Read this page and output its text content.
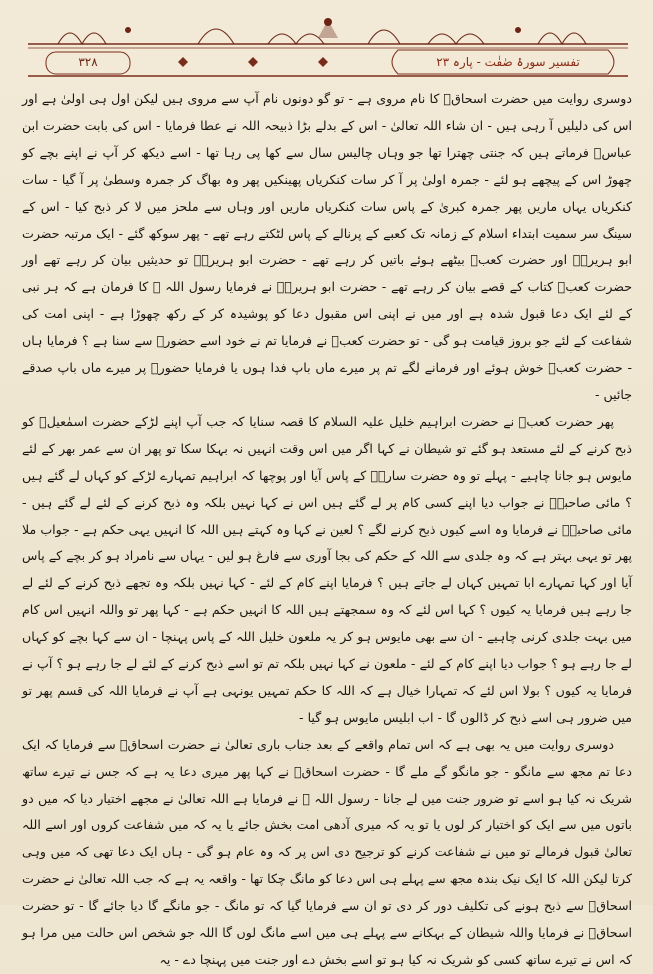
۳۲۸	تفسیر سورۂ صٰفٰت - پارہ ۲۳

دوسری روایت میں حضرت اسحاقؑ کا نام مروی ہے - تو گو دونوں نام آپ سے مروی ہیں لیکن اول ہی اولیٰ ہے اور اس کی دلیلیں آ رہی ہیں - ان شاء اللہ تعالیٰ - اس کے بدلے بڑا ذبیحہ اللہ نے عطا فرمایا - اس کی بابت حضرت ابن عباسؓ فرماتے ہیں کہ جنتی چھترا تھا جو وہاں چالیس سال سے کھا پی رہا تھا - اسے دیکھ کر آپ نے اپنے بچے کو چھوڑ اس کے پیچھے ہو لئے - جمرہ اولیٰ پر آ کر سات کنکریاں پھینکیں پھر وہ بھاگ کر جمرہ وسطیٰ پر آ گیا - سات کنکریاں یہاں ماریں پھر جمرہ کبریٰ کے پاس سات کنکریاں ماریں اور وہاں سے ملحز میں لا کر ذبح کیا - اس کے سینگ سر سمیت ابتداء اسلام کے زمانہ تک کعبے کے پرنالے کے پاس لٹکتے رہے تھے - پھر سوکھ گئے - ایک مرتبہ حضرت ابو ہریرہؓ اور حضرت کعبؓ بیٹھے ہوئے باتیں کر رہے تھے - حضرت ابو ہریرہؓ تو حدیثیں بیان کر رہے تھے اور حضرت کعبؓ کتاب کے قصے بیان کر رہے تھے - حضرت ابو ہریرہؓ نے فرمایا رسول اللہ ﷺ کا فرمان ہے کہ ہر نبی کے لئے ایک دعا قبول شدہ ہے اور میں نے اپنی اس مقبول دعا کو پوشیدہ کر کے رکھ چھوڑا ہے - اپنی امت کی شفاعت کے لئے جو بروز قیامت ہو گی - تو حضرت کعبؓ نے فرمایا تم نے خود اسے حضورؐ سے سنا ہے ؟ فرمایا ہاں - حضرت کعبؓ خوش ہوئے اور فرمانے لگے تم پر میرے ماں باپ فدا ہوں یا فرمایا حضورؐ پر میرے ماں باپ صدقے جائیں -

پھر حضرت کعبؓ نے حضرت ابراہیم خلیل علیہ السلام کا قصہ سنایا کہ جب آپ اپنے لڑکے حضرت اسمٰعیلؑ کو ذبح کرنے کے لئے مستعد ہو گئے تو شیطان نے کہا اگر میں اس وقت انہیں نہ بہکا سکا تو پھر ان سے عمر بھر کے لئے مایوس ہو جانا چاہیے - پہلے تو وہ حضرت سارہؓ کے پاس آیا اور پوچھا کہ ابراہیم تمہارے لڑکے کو کہاں لے گئے ہیں ؟ مائی صاحبہؓ نے جواب دیا اپنے کسی کام پر لے گئے ہیں اس نے کہا نہیں بلکہ وہ ذبح کرنے کے لئے لے گئے ہیں - مائی صاحبہؓ نے فرمایا وہ اسے کیوں ذبح کرنے لگے ؟ لعین نے کہا وہ کہتے ہیں اللہ کا انہیں یہی حکم ہے - جواب ملا پھر تو یہی بہتر ہے کہ وہ جلدی سے اللہ کے حکم کی بجا آوری سے فارغ ہو لیں - یہاں سے نامراد ہو کر بچے کے پاس آیا اور کہا تمہارے ابا تمہیں کہاں لے جاتے ہیں ؟ فرمایا اپنے کام کے لئے - کہا نہیں بلکہ وہ تجھے ذبح کرنے کے لئے لے جا رہے ہیں فرمایا یہ کیوں ؟ کہا اس لئے کہ وہ سمجھتے ہیں اللہ کا انہیں حکم ہے - کہا پھر تو واللہ انہیں اس کام میں بہت جلدی کرنی چاہیے - ان سے بھی مایوس ہو کر یہ ملعون خلیل اللہ کے پاس پہنچا - ان سے کہا بچے کو کہاں لے جا رہے ہو ؟ جواب دیا اپنے کام کے لئے - ملعون نے کہا نہیں بلکہ تم تو اسے ذبح کرنے کے لئے لے جا رہے ہو ؟ آپ نے فرمایا یہ کیوں ؟ بولا اس لئے کہ تمہارا خیال ہے کہ اللہ کا حکم تمہیں یونہی ہے آپ نے فرمایا اللہ کی قسم پھر تو میں ضرور ہی اسے ذبح کر ڈالوں گا - اب ابلیس مایوس ہو گیا -

دوسری روایت میں یہ بھی ہے کہ اس تمام واقعے کے بعد جناب باری تعالیٰ نے حضرت اسحاقؑ سے فرمایا کہ ایک دعا تم مجھ سے مانگو - جو مانگو گے ملے گا - حضرت اسحاقؑ نے کہا پھر میری دعا یہ ہے کہ جس نے تیرے ساتھ شریک نہ کیا ہو اسے تو ضرور جنت میں لے جانا - رسول اللہ ﷺ نے فرمایا ہے اللہ تعالیٰ نے مجھے اختیار دیا کہ میں دو باتوں میں سے ایک کو اختیار کر لوں یا تو یہ کہ میری آدھی امت بخش جائے یا یہ کہ میں شفاعت کروں اور اسے اللہ تعالیٰ قبول فرمالے تو میں نے شفاعت کرنے کو ترجیح دی اس پر کہ وہ عام ہو گی - ہاں ایک دعا تھی کہ میں وہی کرتا لیکن اللہ کا ایک نیک بندہ مجھ سے پہلے ہی اس دعا کو مانگ چکا تھا - واقعہ یہ ہے کہ جب اللہ تعالیٰ نے حضرت اسحاقؑ سے ذبح ہونے کی تکلیف دور کر دی تو ان سے فرمایا گیا کہ تو مانگ - جو مانگے گا دیا جائے گا - تو حضرت اسحاقؑ نے فرمایا واللہ شیطان کے بہکانے سے پہلے ہی میں اسے مانگ لوں گا اللہ جو شخص اس حالت میں مرا ہو کہ اس نے تیرے ساتھ کسی کو شریک نہ کیا ہو تو اسے بخش دے اور جنت میں پہنچا دے - یہ
